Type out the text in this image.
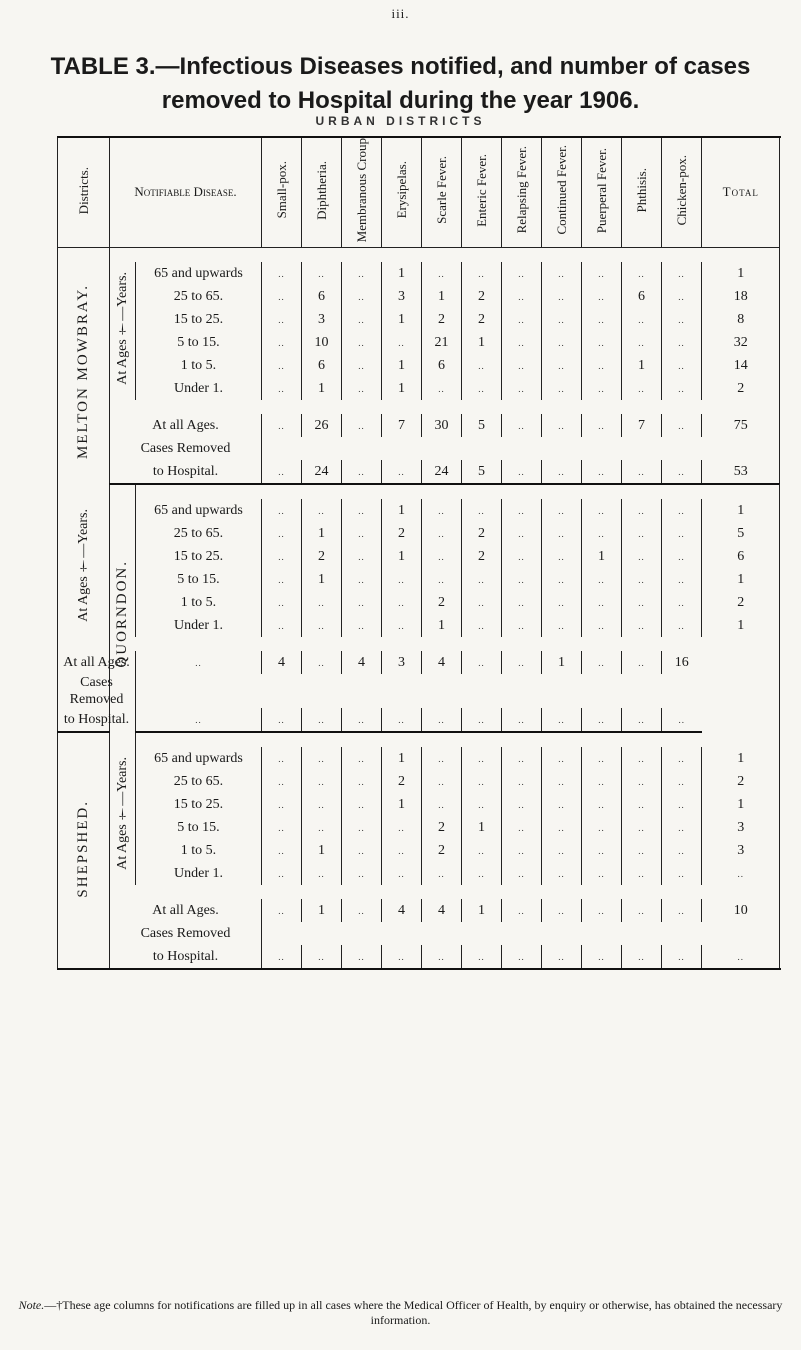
iii.
TABLE 3.—Infectious Diseases notified, and number of cases
removed to Hospital during the year 1906.
URBAN DISTRICTS
Districts.	Notifiable Disease.		Small-pox.	Diphtheria.	Membranous Croup	Erysipelas.	Scarle Fever.	Enteric Fever.	Relapsing Fever.	Continued Fever.	Puerperal Fever.	Phthisis.	Chicken-pox.	Total
MELTON MOWBRAY.														
	At Ages †—Years.	65 and upwards	..	..	..	1	..	..	..	..	..	..	..	1
		25 to 65.	..	6	..	3	1	2	..	..	..	6	..	18
		15 to 25.	..	3	..	1	2	2	..	..	..	..	..	8
		5 to 15.	..	10	..	..	21	1	..	..	..	..	..	32
		1 to 5.	..	6	..	1	6	..	..	..	..	1	..	14
		Under 1.	..	1	..	1	..	..	..	..	..	..	..	2

	At all Ages.		..	26	..	7	30	5	..	..	..	7	..	75
	Cases Removed													
	to Hospital.		..	24	..	..	24	5	..	..	..	..	..	53
	QUORNDON.													
At Ages †—Years.		65 and upwards	..	..	..	1	..	..	..	..	..	..	..	1
		25 to 65.	..	1	..	2	..	2	..	..	..	..	..	5
		15 to 25.	..	2	..	1	..	2	..	..	1	..	..	6
		5 to 15.	..	1	..	..	..	..	..	..	..	..	..	1
		1 to 5.	..	..	..	..	2	..	..	..	..	..	..	2
		Under 1.	..	..	..	..	1	..	..	..	..	..	..	1

At all Ages.		..	4	..	4	3	4	..	..	1	..	..	16	
Cases Removed														
to Hospital.		..	..	..	..	..	..	..	..	..	..	..	..	
SHEPSHED.														
	At Ages †—Years.	65 and upwards	..	..	..	1	..	..	..	..	..	..	..	1
		25 to 65.	..	..	..	2	..	..	..	..	..	..	..	2
		15 to 25.	..	..	..	1	..	..	..	..	..	..	..	1
		5 to 15.	..	..	..	..	2	1	..	..	..	..	..	3
		1 to 5.	..	1	..	..	2	..	..	..	..	..	..	3
		Under 1.	..	..	..	..	..	..	..	..	..	..	..	..

	At all Ages.		..	1	..	4	4	1	..	..	..	..	..	10
	Cases Removed													
	to Hospital.		..	..	..	..	..	..	..	..	..	..	..	..
Note.—†These age columns for notifications are filled up in all cases where the Medical Officer of Health, by enquiry or otherwise, has obtained the necessary information.
